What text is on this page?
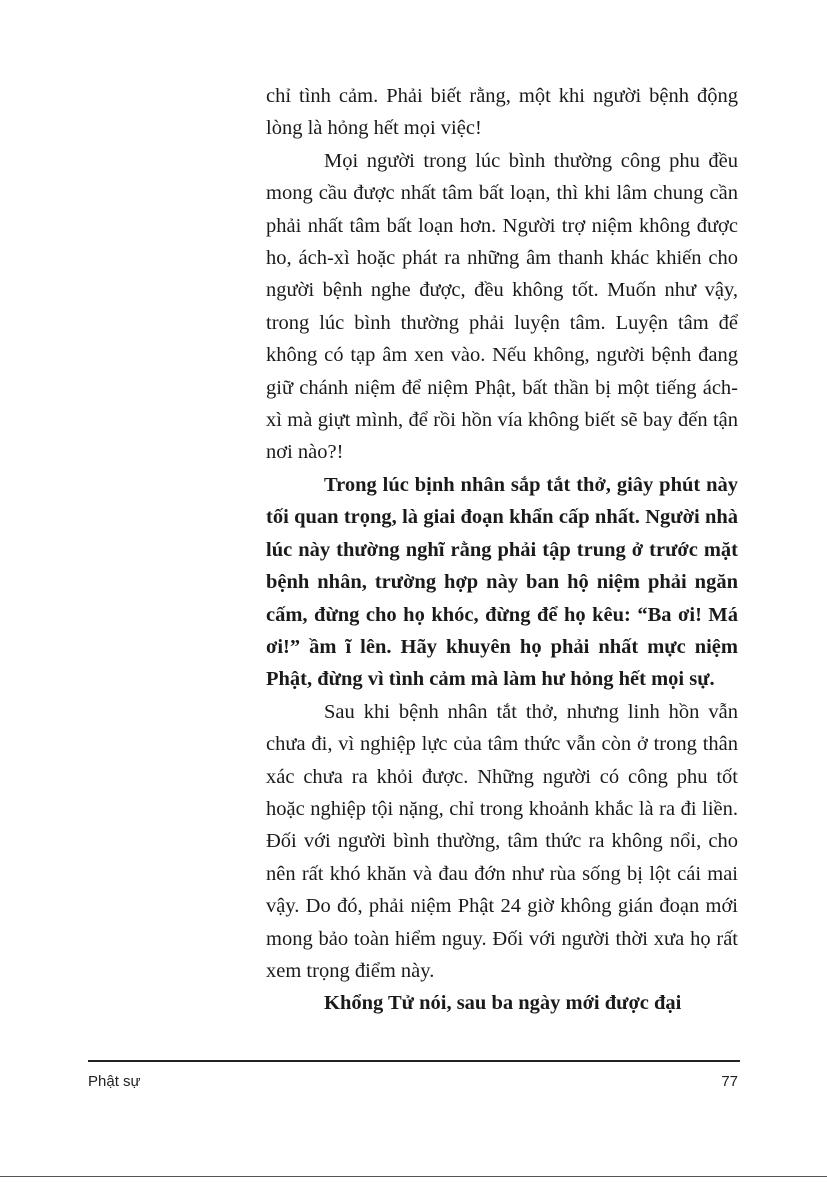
chỉ tình cảm. Phải biết rằng, một khi người bệnh động lòng là hỏng hết mọi việc!

Mọi người trong lúc bình thường công phu đều mong cầu được nhất tâm bất loạn, thì khi lâm chung cần phải nhất tâm bất loạn hơn. Người trợ niệm không được ho, ách-xì hoặc phát ra những âm thanh khác khiến cho người bệnh nghe được, đều không tốt. Muốn như vậy, trong lúc bình thường phải luyện tâm. Luyện tâm để không có tạp âm xen vào. Nếu không, người bệnh đang giữ chánh niệm để niệm Phật, bất thần bị một tiếng ách-xì mà giựt mình, để rồi hồn vía không biết sẽ bay đến tận nơi nào?!

Trong lúc bịnh nhân sắp tắt thở, giây phút này tối quan trọng, là giai đoạn khẩn cấp nhất. Người nhà lúc này thường nghĩ rằng phải tập trung ở trước mặt bệnh nhân, trường hợp này ban hộ niệm phải ngăn cấm, đừng cho họ khóc, đừng để họ kêu: “Ba ơi! Má ơi!” ầm ĩ lên. Hãy khuyên họ phải nhất mực niệm Phật, đừng vì tình cảm mà làm hư hỏng hết mọi sự.

Sau khi bệnh nhân tắt thở, nhưng linh hồn vẫn chưa đi, vì nghiệp lực của tâm thức vẫn còn ở trong thân xác chưa ra khỏi được. Những người có công phu tốt hoặc nghiệp tội nặng, chỉ trong khoảnh khắc là ra đi liền. Đối với người bình thường, tâm thức ra không nổi, cho nên rất khó khăn và đau đớn như rùa sống bị lột cái mai vậy. Do đó, phải niệm Phật 24 giờ không gián đoạn mới mong bảo toàn hiểm nguy. Đối với người thời xưa họ rất xem trọng điểm này.

Khổng Tử nói, sau ba ngày mới được đại

Phật sự	77
